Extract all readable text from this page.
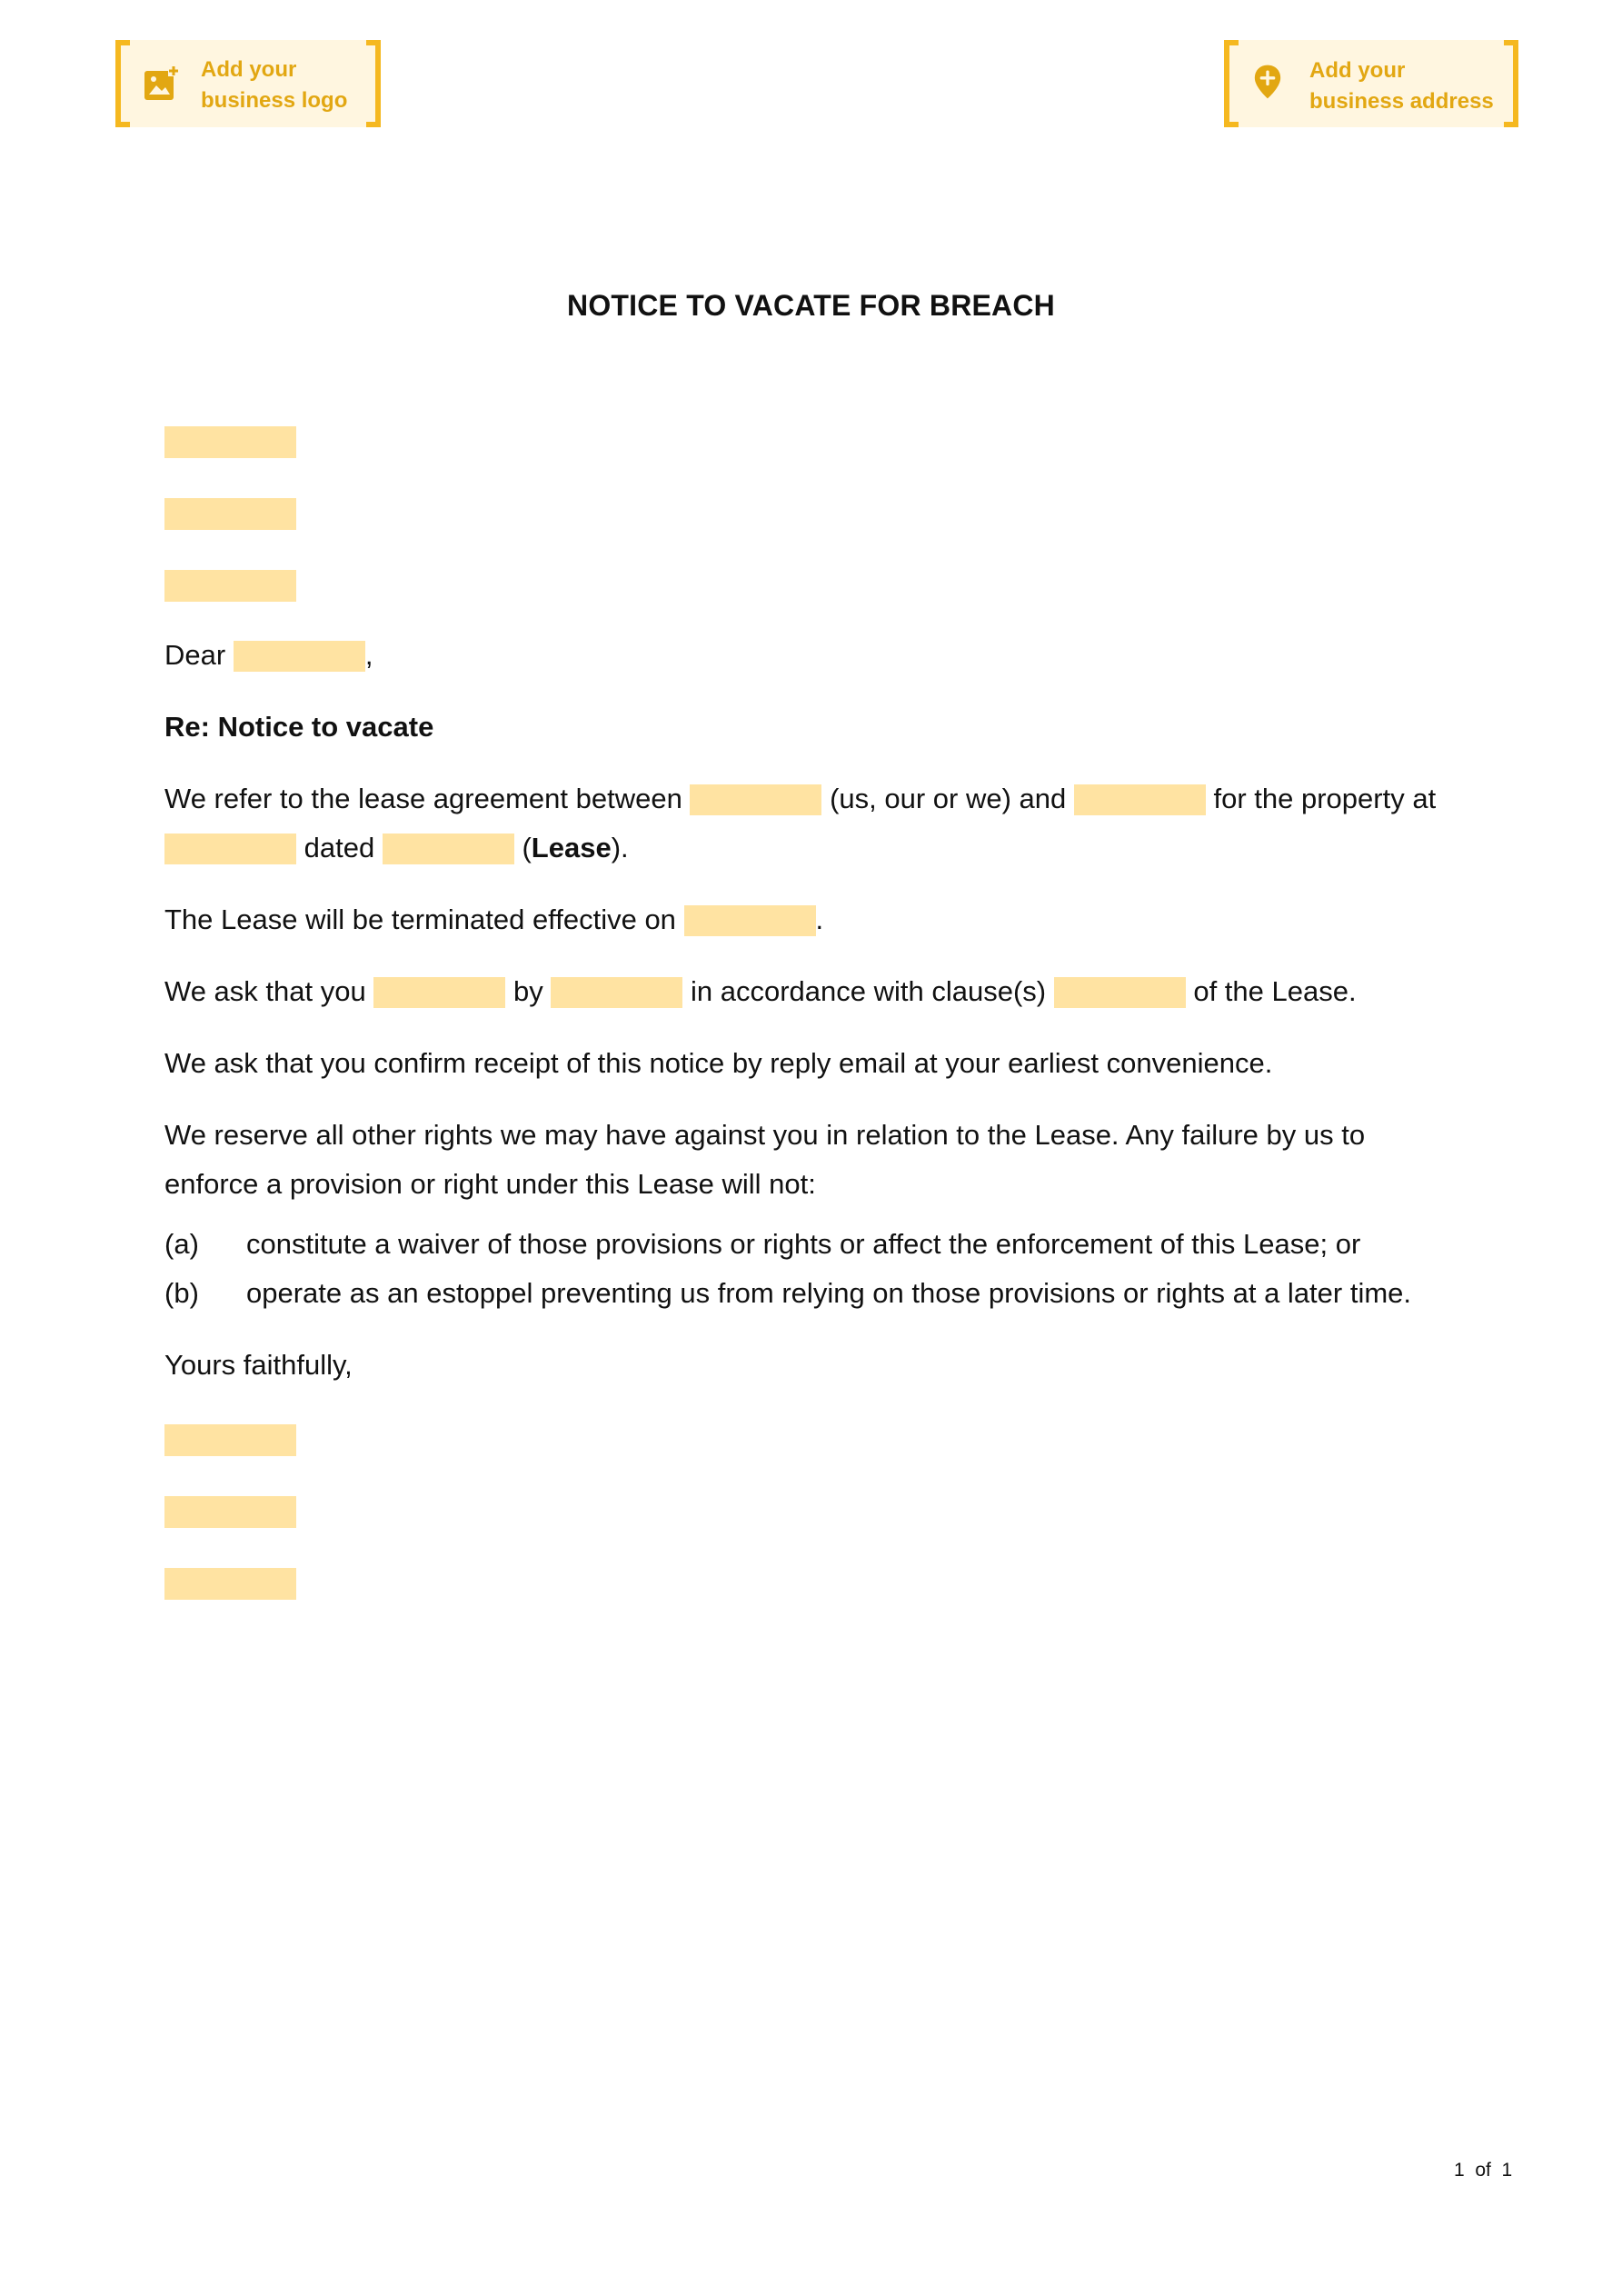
Add your
business logo
Add your
business address
NOTICE TO VACATE FOR BREACH
Dear	,
Re: Notice to vacate
We refer to the lease agreement between	(us, our or we) and	for the property at
dated	(Lease).
The Lease will be terminated effective on	.
We ask that you	by	in accordance with clause(s)	of the Lease.
We ask that you confirm receipt of this notice by reply email at your earliest convenience.
We reserve all other rights we may have against you in relation to the Lease. Any failure by us to
enforce a provision or right under this Lease will not:
(a) constitute a waiver of those provisions or rights or affect the enforcement of this Lease; or
(b) operate as an estoppel preventing us from relying on those provisions or rights at a later time.
Yours faithfully,
1 of 1
